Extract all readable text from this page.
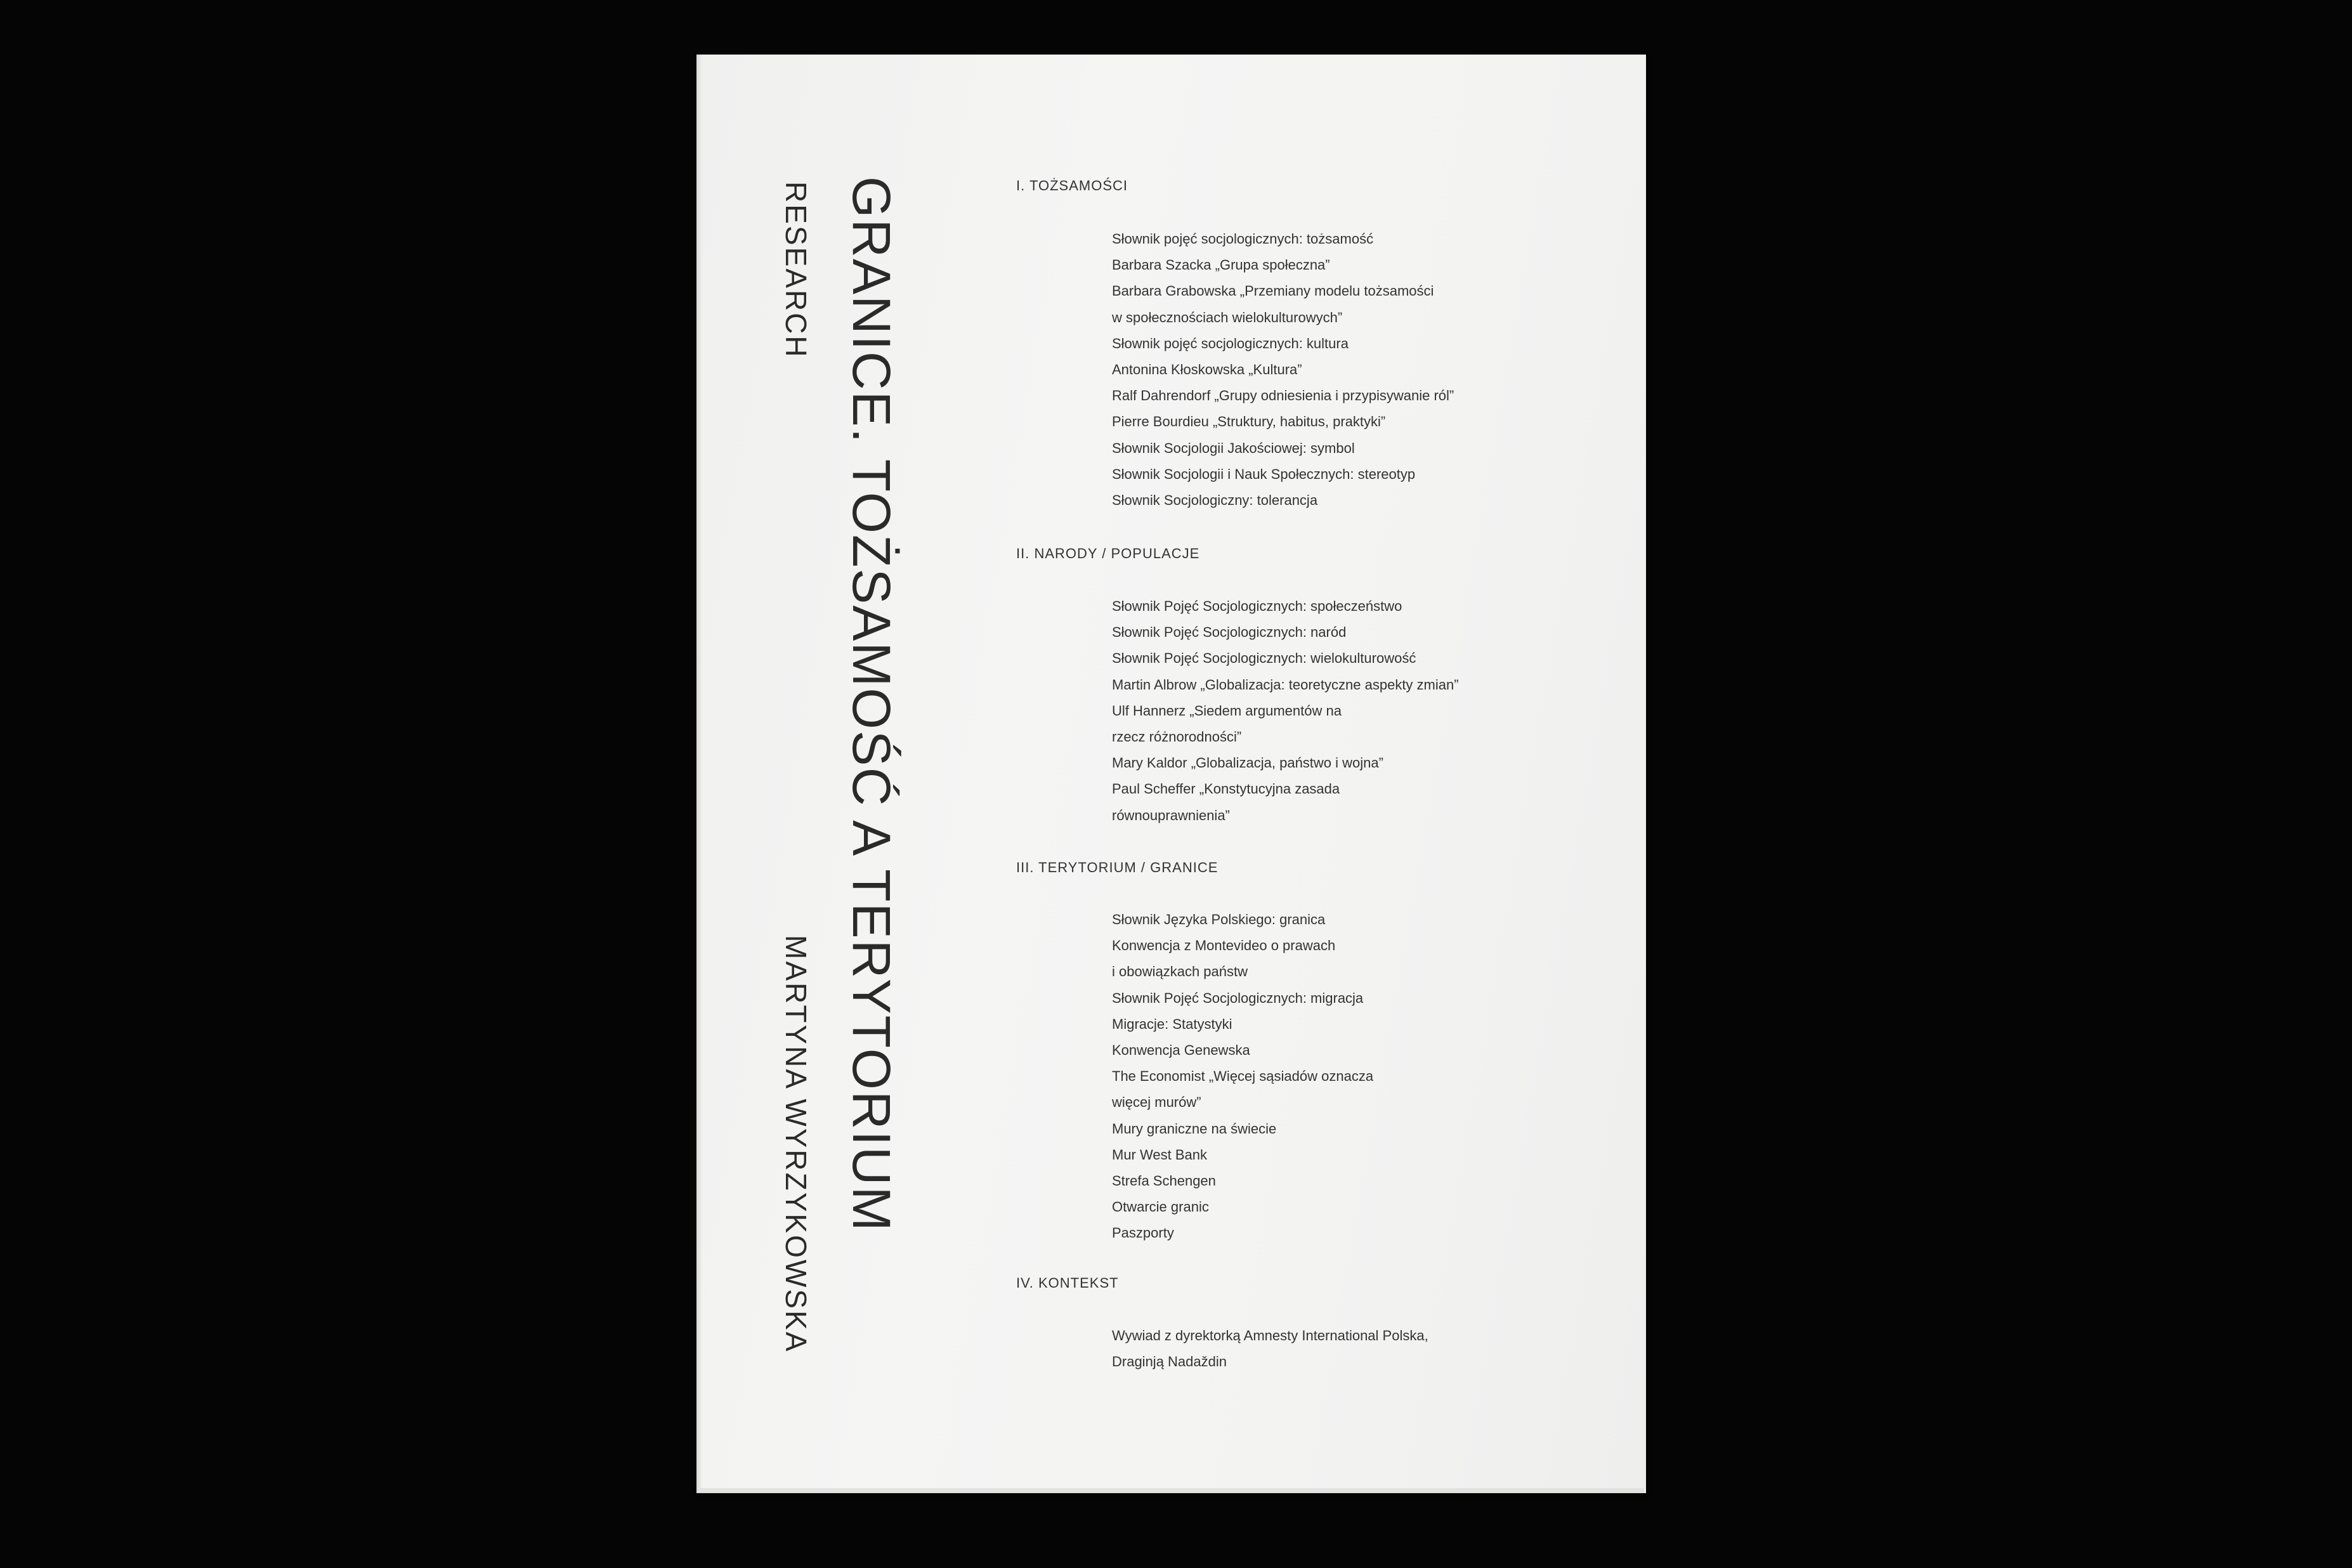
GRANICE. TOŻSAMOŚĆ A TERYTORIUM
RESEARCH
MARTYNA WYRZYKOWSKA
I. TOŻSAMOŚCI
Słownik pojęć socjologicznych: tożsamość
Barbara Szacka „Grupa społeczna”
Barbara Grabowska „Przemiany modelu tożsamości
w społecznościach wielokulturowych”
Słownik pojęć socjologicznych: kultura
Antonina Kłoskowska „Kultura”
Ralf Dahrendorf „Grupy odniesienia i przypisywanie ról”
Pierre Bourdieu „Struktury, habitus, praktyki”
Słownik Socjologii Jakościowej: symbol
Słownik Socjologii i Nauk Społecznych: stereotyp
Słownik Socjologiczny: tolerancja
II. NARODY / POPULACJE
Słownik Pojęć Socjologicznych: społeczeństwo
Słownik Pojęć Socjologicznych: naród
Słownik Pojęć Socjologicznych: wielokulturowość
Martin Albrow „Globalizacja: teoretyczne aspekty zmian”
Ulf Hannerz „Siedem argumentów na
rzecz różnorodności”
Mary Kaldor „Globalizacja, państwo i wojna”
Paul Scheffer „Konstytucyjna zasada
równouprawnienia”
III. TERYTORIUM / GRANICE
Słownik Języka Polskiego: granica
Konwencja z Montevideo o prawach
i obowiązkach państw
Słownik Pojęć Socjologicznych: migracja
Migracje: Statystyki
Konwencja Genewska
The Economist „Więcej sąsiadów oznacza
więcej murów”
Mury graniczne na świecie
Mur West Bank
Strefa Schengen
Otwarcie granic
Paszporty
IV. KONTEKST
Wywiad z dyrektorką Amnesty International Polska,
Draginją Nadaždin
